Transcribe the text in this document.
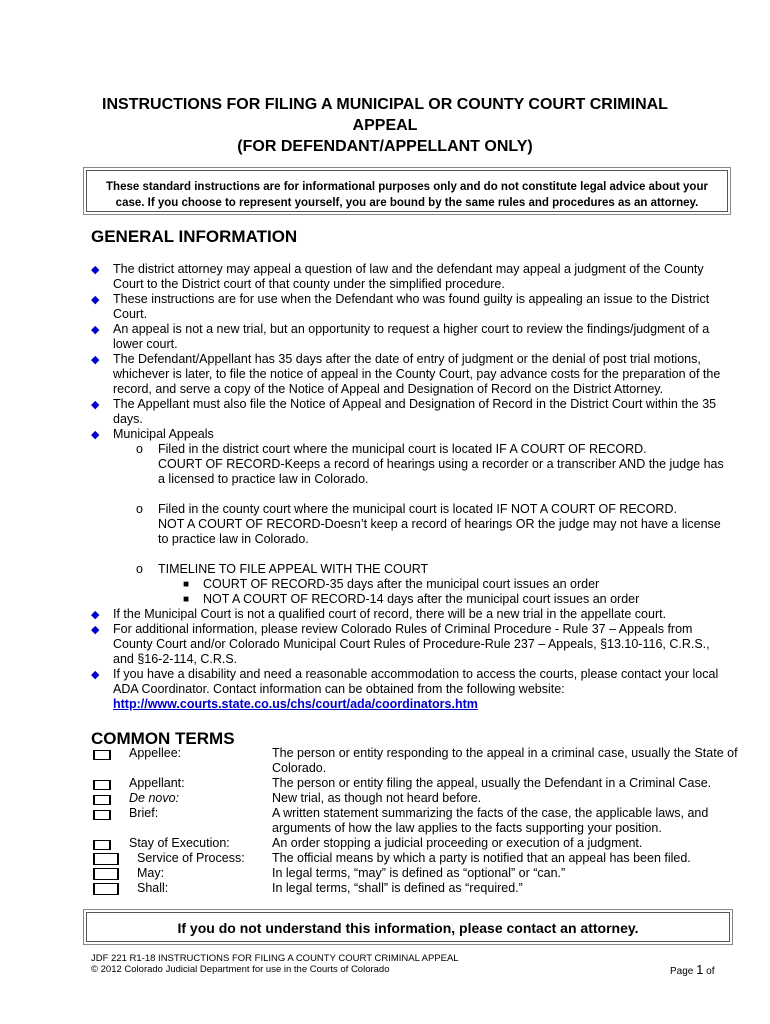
INSTRUCTIONS FOR FILING A MUNICIPAL OR COUNTY COURT CRIMINAL
APPEAL
(FOR DEFENDANT/APPELLANT ONLY)
These standard instructions are for informational purposes only and do not constitute legal advice about your
case. If you choose to represent yourself, you are bound by the same rules and procedures as an attorney.
GENERAL INFORMATION
◆ The district attorney may appeal a question of law and the defendant may appeal a judgment of the County Court to the District court of that county under the simplified procedure.
◆ These instructions are for use when the Defendant who was found guilty is appealing an issue to the District Court.
◆ An appeal is not a new trial, but an opportunity to request a higher court to review the findings/judgment of a lower court.
◆ The Defendant/Appellant has 35 days after the date of entry of judgment or the denial of post trial motions, whichever is later, to file the notice of appeal in the County Court, pay advance costs for the preparation of the record, and serve a copy of the Notice of Appeal and Designation of Record on the District Attorney.
◆ The Appellant must also file the Notice of Appeal and Designation of Record in the District Court within the 35 days.
◆ Municipal Appeals
o Filed in the district court where the municipal court is located IF A COURT OF RECORD.
COURT OF RECORD-Keeps a record of hearings using a recorder or a transcriber AND the judge has a licensed to practice law in Colorado.
o Filed in the county court where the municipal court is located IF NOT A COURT OF RECORD.
NOT A COURT OF RECORD-Doesn’t keep a record of hearings OR the judge may not have a license to practice law in Colorado.
o TIMELINE TO FILE APPEAL WITH THE COURT
■ COURT OF RECORD-35 days after the municipal court issues an order
■ NOT A COURT OF RECORD-14 days after the municipal court issues an order
◆ If the Municipal Court is not a qualified court of record, there will be a new trial in the appellate court.
◆ For additional information, please review Colorado Rules of Criminal Procedure - Rule 37 – Appeals from County Court and/or Colorado Municipal Court Rules of Procedure-Rule 237 – Appeals, §13.10-116, C.R.S., and §16-2-114, C.R.S.
◆ If you have a disability and need a reasonable accommodation to access the courts, please contact your local ADA Coordinator. Contact information can be obtained from the following website:
http://www.courts.state.co.us/chs/court/ada/coordinators.htm
COMMON TERMS
Appellee:	The person or entity responding to the appeal in a criminal case, usually the State of Colorado.
Appellant:	The person or entity filing the appeal, usually the Defendant in a Criminal Case.
De novo:	New trial, as though not heard before.
Brief:	A written statement summarizing the facts of the case, the applicable laws, and arguments of how the law applies to the facts supporting your position.
Stay of Execution:	An order stopping a judicial proceeding or execution of a judgment.
Service of Process: The official means by which a party is notified that an appeal has been filed.
May:	In legal terms, “may” is defined as “optional” or “can.”
Shall:	In legal terms, “shall” is defined as “required.”
If you do not understand this information, please contact an attorney.
JDF 221 R1-18 INSTRUCTIONS FOR FILING A COUNTY COURT CRIMINAL APPEAL
© 2012 Colorado Judicial Department for use in the Courts of Colorado	Page 1 of
